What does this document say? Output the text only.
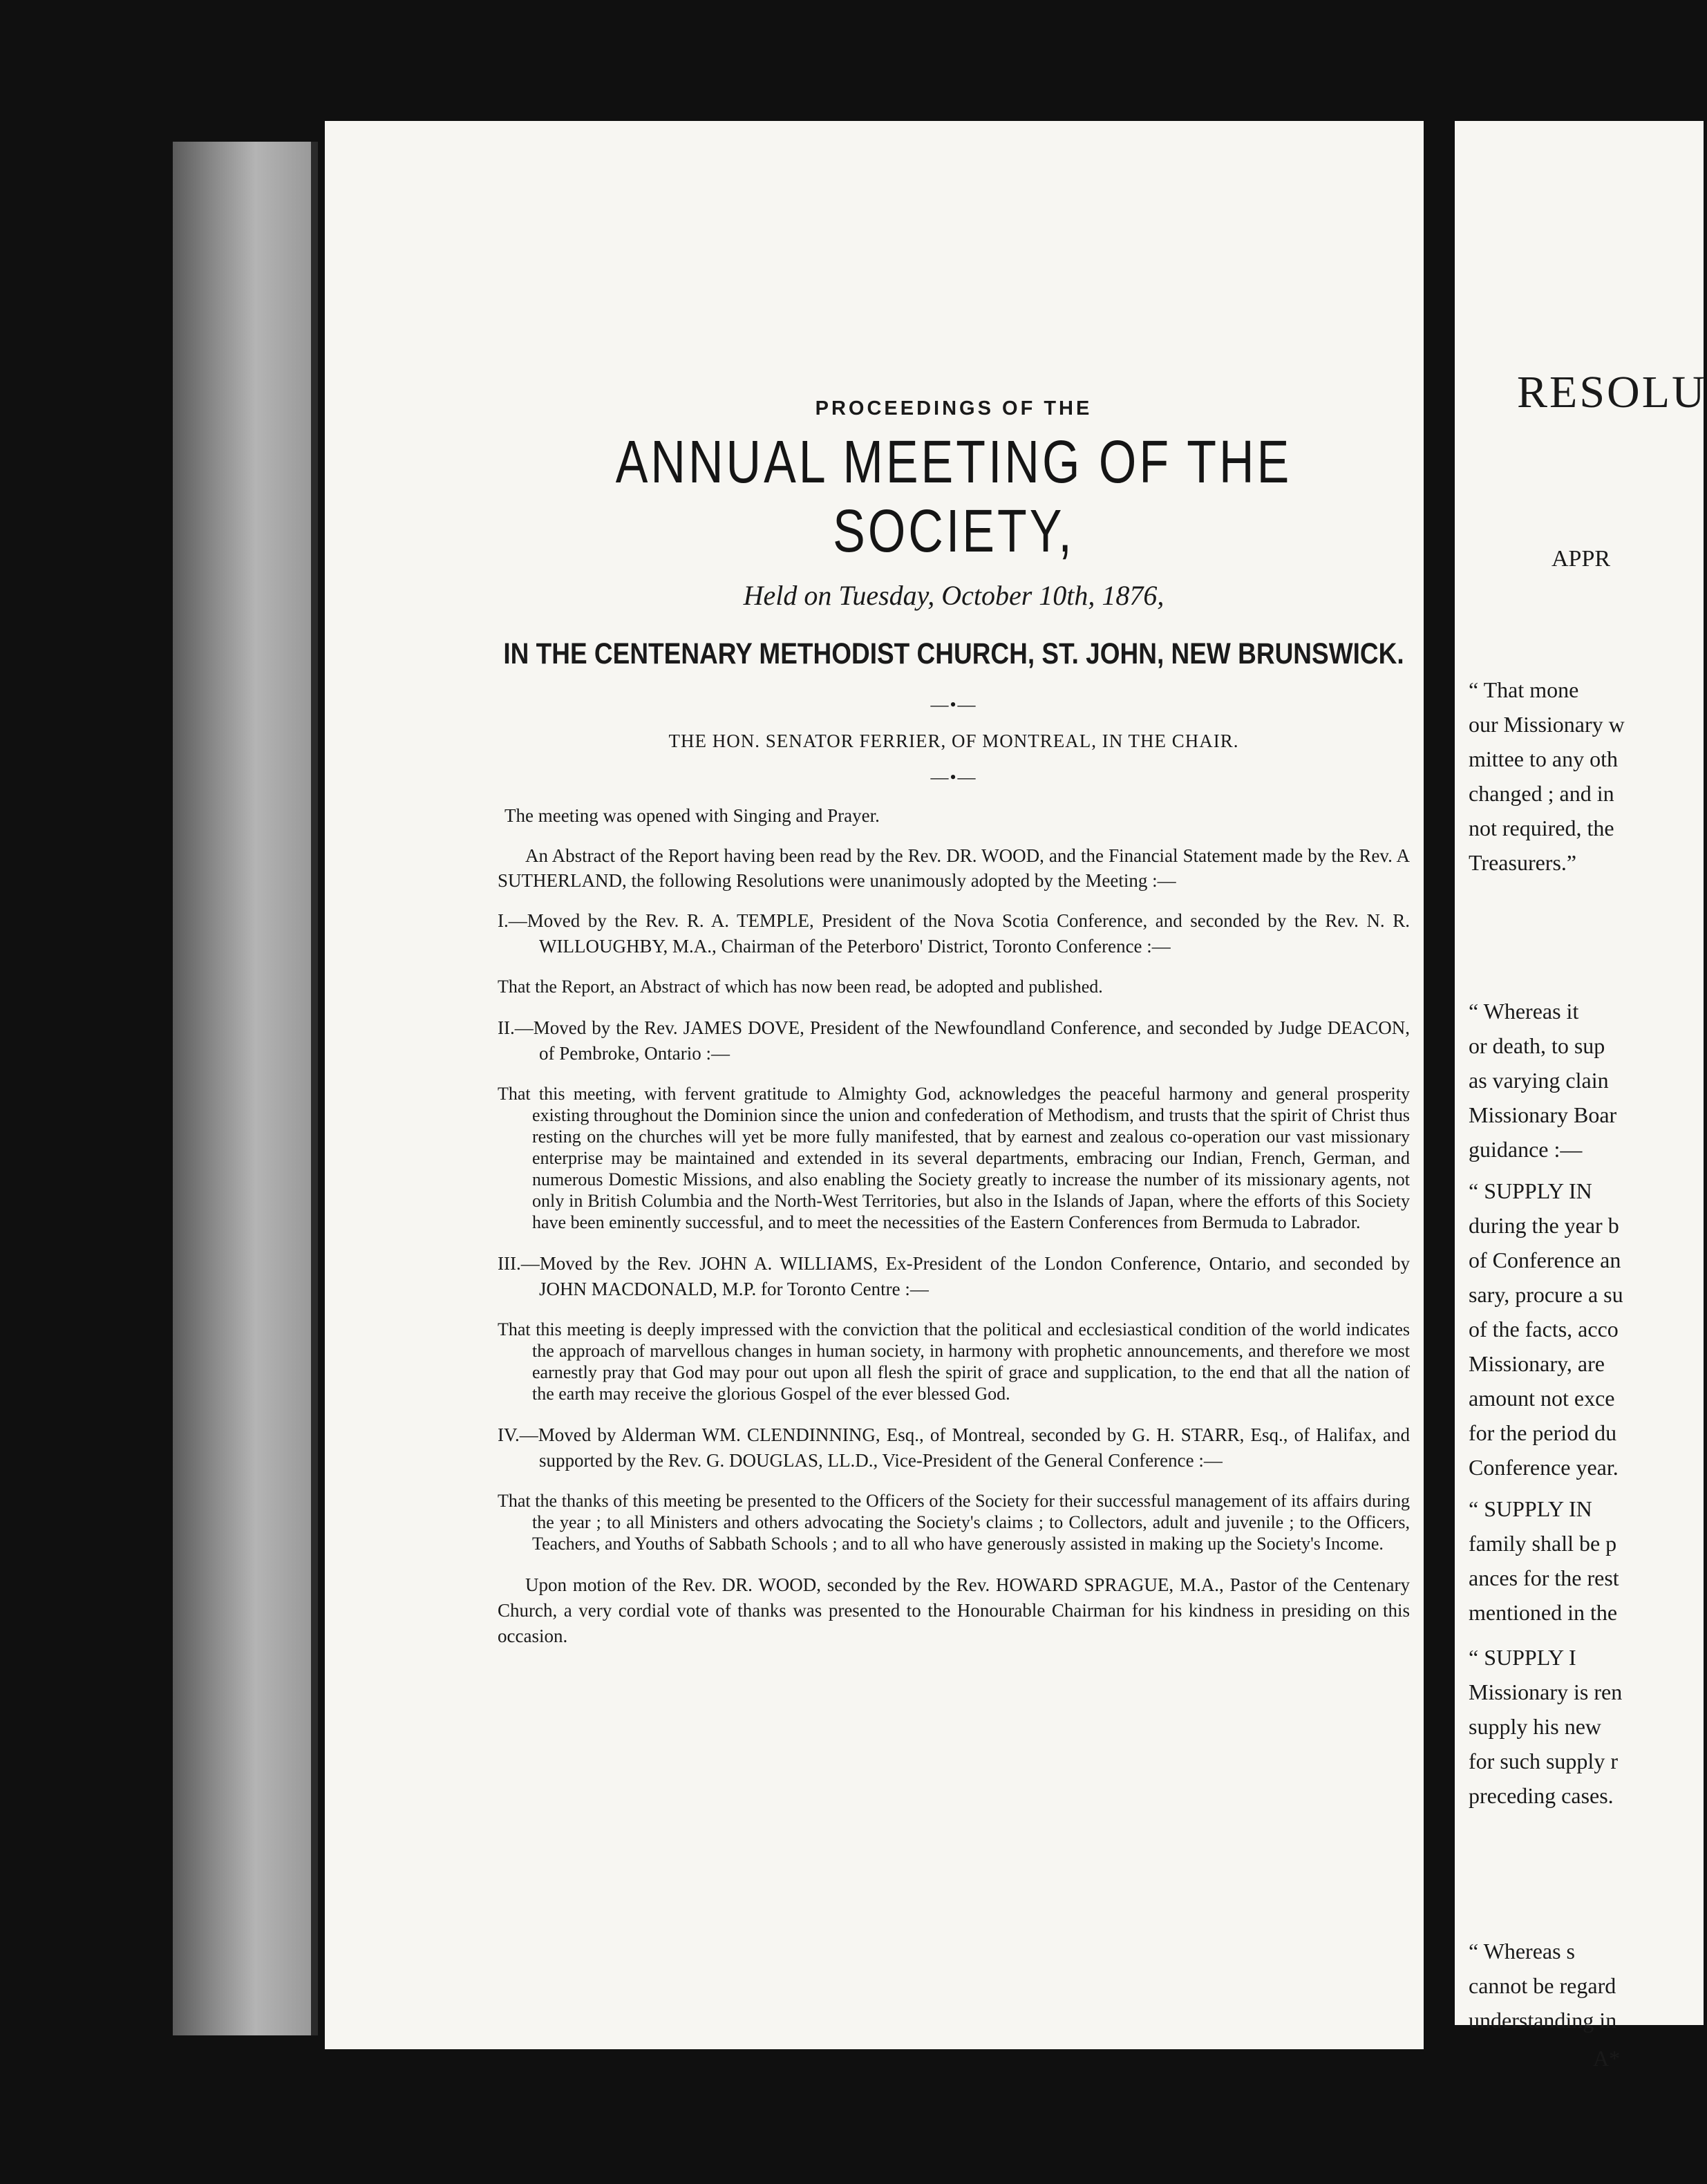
PROCEEDINGS OF THE

ANNUAL MEETING OF THE SOCIETY,

Held on Tuesday, October 10th, 1876,

IN THE CENTENARY METHODIST CHURCH, ST. JOHN, NEW BRUNSWICK.

—•—

THE HON. SENATOR FERRIER, OF MONTREAL, IN THE CHAIR.

—•—

The meeting was opened with Singing and Prayer.

An Abstract of the Report having been read by the Rev. DR. WOOD, and the Financial Statement made by the Rev. A SUTHERLAND, the following Resolutions were unanimously adopted by the Meeting :—

I.—Moved by the Rev. R. A. TEMPLE, President of the Nova Scotia Conference, and seconded by the Rev. N. R. WILLOUGHBY, M.A., Chairman of the Peterboro' District, Toronto Conference :—

That the Report, an Abstract of which has now been read, be adopted and published.

II.—Moved by the Rev. JAMES DOVE, President of the Newfoundland Conference, and seconded by Judge DEACON, of Pembroke, Ontario :—

That this meeting, with fervent gratitude to Almighty God, acknowledges the peaceful harmony and general prosperity existing throughout the Dominion since the union and confederation of Methodism, and trusts that the spirit of Christ thus resting on the churches will yet be more fully manifested, that by earnest and zealous co-operation our vast missionary enterprise may be maintained and extended in its several departments, embracing our Indian, French, German, and numerous Domestic Missions, and also enabling the Society greatly to increase the number of its missionary agents, not only in British Columbia and the North-West Territories, but also in the Islands of Japan, where the efforts of this Society have been eminently successful, and to meet the necessities of the Eastern Conferences from Bermuda to Labrador.

III.—Moved by the Rev. JOHN A. WILLIAMS, Ex-President of the London Conference, Ontario, and seconded by JOHN MACDONALD, M.P. for Toronto Centre :—

That this meeting is deeply impressed with the conviction that the political and ecclesiastical condition of the world indicates the approach of marvellous changes in human society, in harmony with prophetic announcements, and therefore we most earnestly pray that God may pour out upon all flesh the spirit of grace and supplication, to the end that all the nation of the earth may receive the glorious Gospel of the ever blessed God.

IV.—Moved by Alderman WM. CLENDINNING, Esq., of Montreal, seconded by G. H. STARR, Esq., of Halifax, and supported by the Rev. G. DOUGLAS, LL.D., Vice-President of the General Conference :—

That the thanks of this meeting be presented to the Officers of the Society for their successful management of its affairs during the year ; to all Ministers and others advocating the Society's claims ; to Collectors, adult and juvenile ; to the Officers, Teachers, and Youths of Sabbath Schools ; and to all who have generously assisted in making up the Society's Income.

Upon motion of the Rev. DR. WOOD, seconded by the Rev. HOWARD SPRAGUE, M.A., Pastor of the Centenary Church, a very cordial vote of thanks was presented to the Honourable Chairman for his kindness in presiding on this occasion.

RESOLU
APPR
“ That mone
our Missionary w
mittee to any oth
changed ; and in
not required, the
Treasurers.”
“ Whereas it
or death, to sup
as varying clain
Missionary Boar
guidance :—
“ SUPPLY IN
during the year b
of Conference an
sary, procure a su
of the facts, acco
Missionary, are
amount not exce
for the period du
Conference year.
“ SUPPLY IN
family shall be p
ances for the rest
mentioned in the
“ SUPPLY I
Missionary is ren
supply his new
for such supply r
preceding cases.
“ Whereas s
cannot be regard
understanding in
A*
